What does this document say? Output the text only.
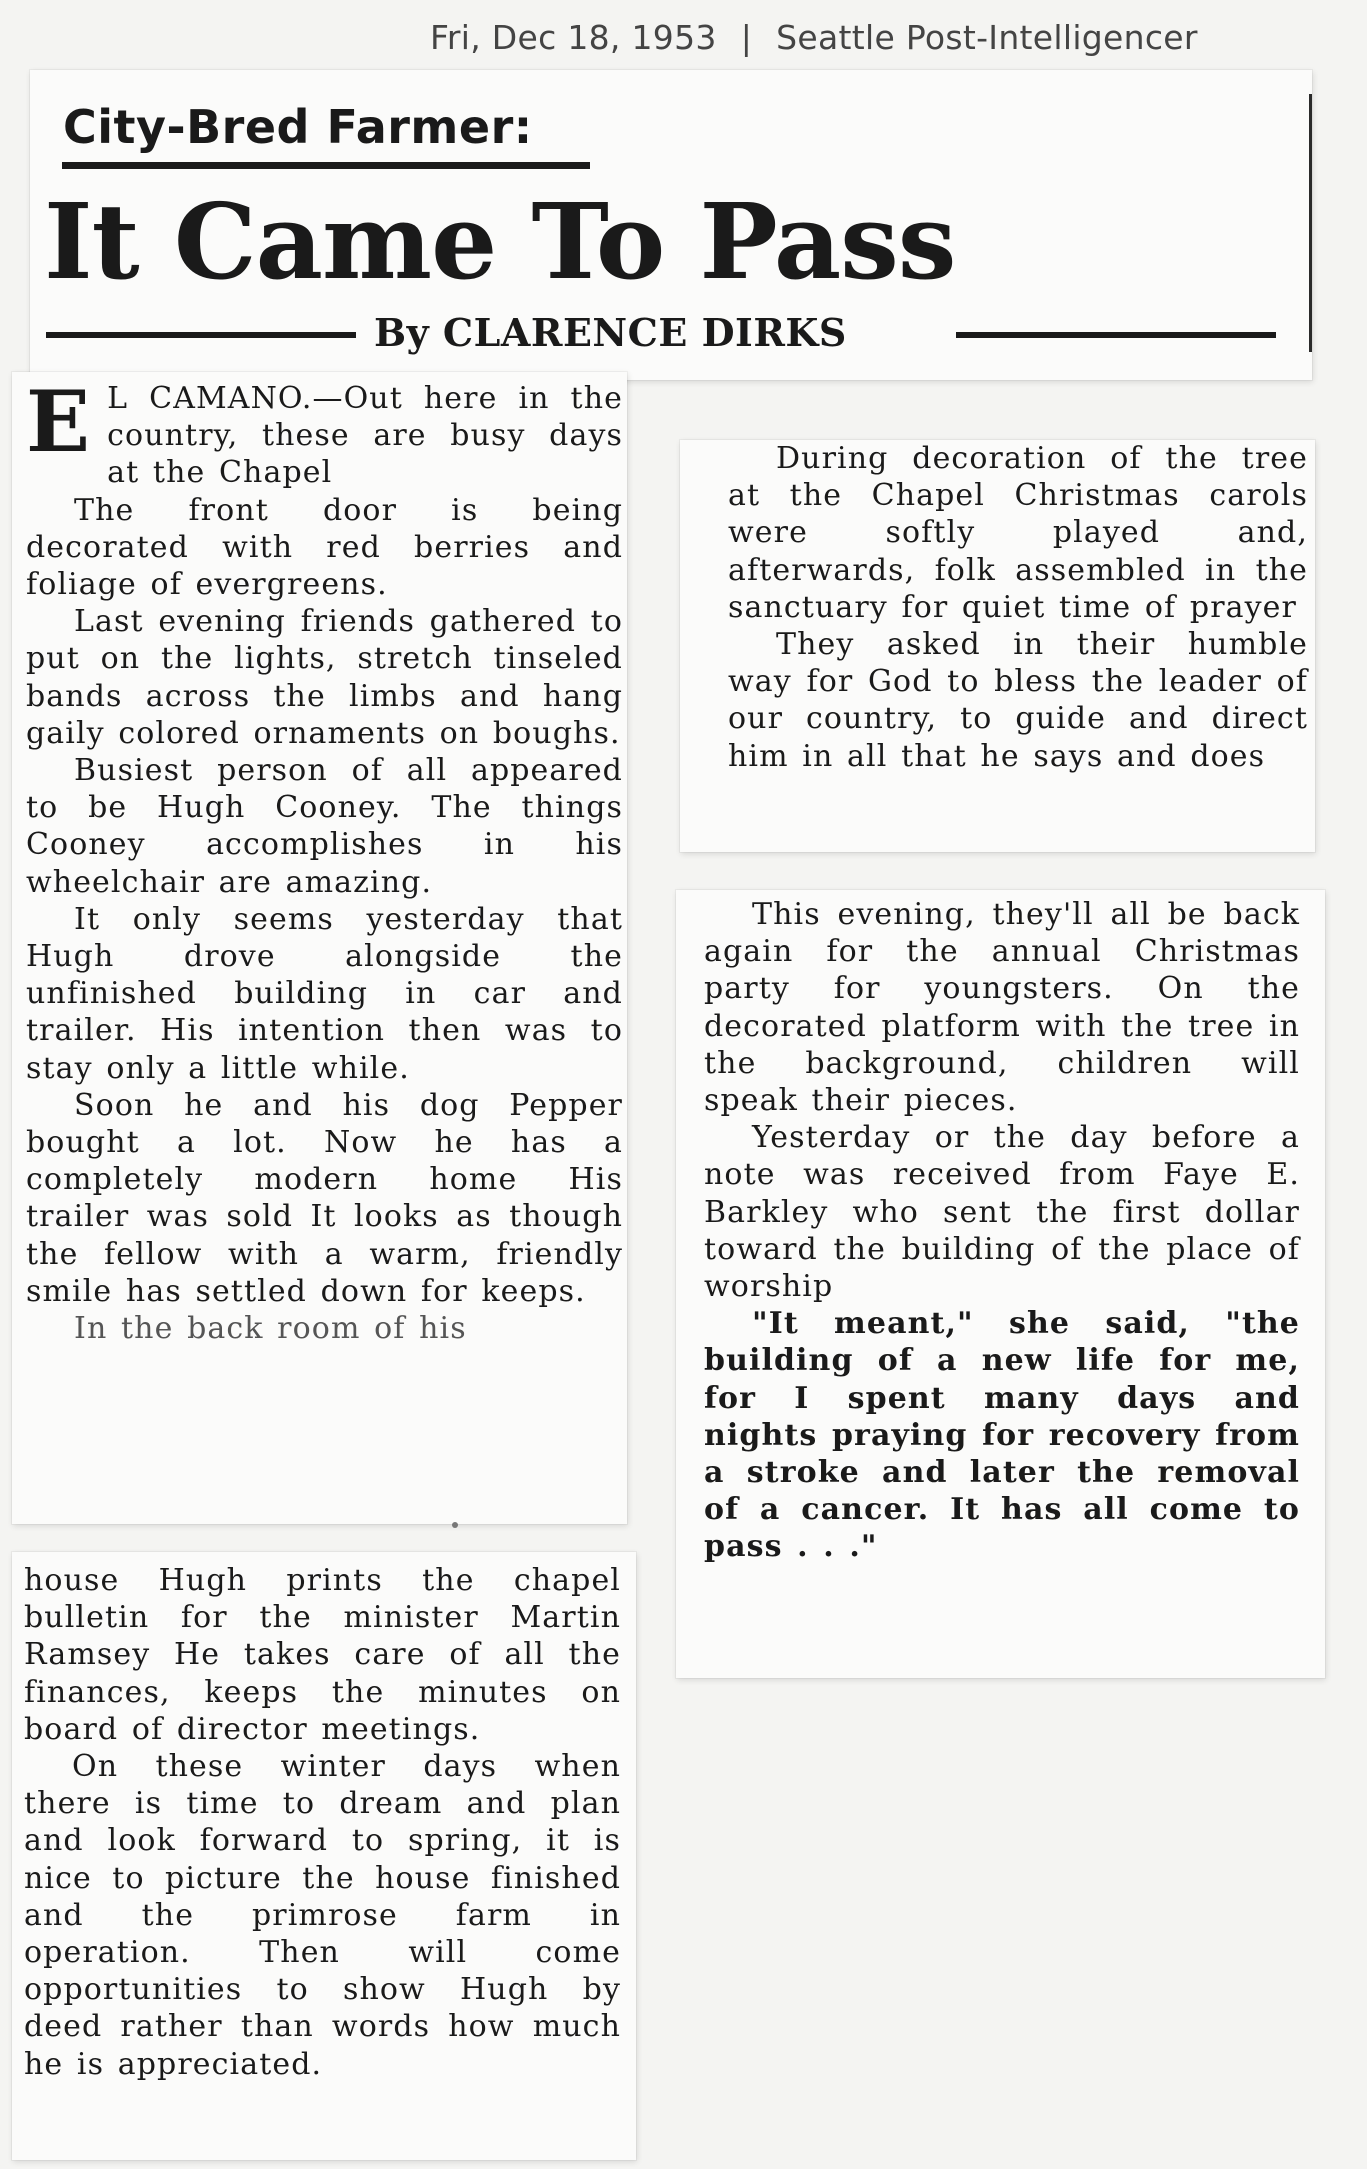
Fri, Dec 18, 1953 | Seattle Post-Intelligencer
City-Bred Farmer:
It Came To Pass
By CLARENCE DIRKS

E L CAMANO.—Out here in the country, these are busy days at the Chapel

The front door is being decorated with red berries and foliage of evergreens.

Last evening friends gathered to put on the lights, stretch tinseled bands across the limbs and hang gaily colored ornaments on boughs.

Busiest person of all appeared to be Hugh Cooney. The things Cooney accomplishes in his wheelchair are amazing.

It only seems yesterday that Hugh drove alongside the unfinished building in car and trailer. His intention then was to stay only a little while.

Soon he and his dog Pepper bought a lot. Now he has a completely modern home His trailer was sold It looks as though the fellow with a warm, friendly smile has settled down for keeps.

In the back room of his

house Hugh prints the chapel bulletin for the minister Martin Ramsey He takes care of all the finances, keeps the minutes on board of director meetings.

On these winter days when there is time to dream and plan and look forward to spring, it is nice to picture the house finished and the primrose farm in operation. Then will come opportunities to show Hugh by deed rather than words how much he is appreciated.

During decoration of the tree at the Chapel Christmas carols were softly played and, afterwards, folk assembled in the sanctuary for quiet time of prayer

They asked in their humble way for God to bless the leader of our country, to guide and direct him in all that he says and does

This evening, they'll all be back again for the annual Christmas party for youngsters. On the decorated platform with the tree in the background, children will speak their pieces.

Yesterday or the day before a note was received from Faye E. Barkley who sent the first dollar toward the building of the place of worship

"It meant," she said, "the building of a new life for me, for I spent many days and nights praying for recovery from a stroke and later the removal of a cancer. It has all come to pass . . ."
